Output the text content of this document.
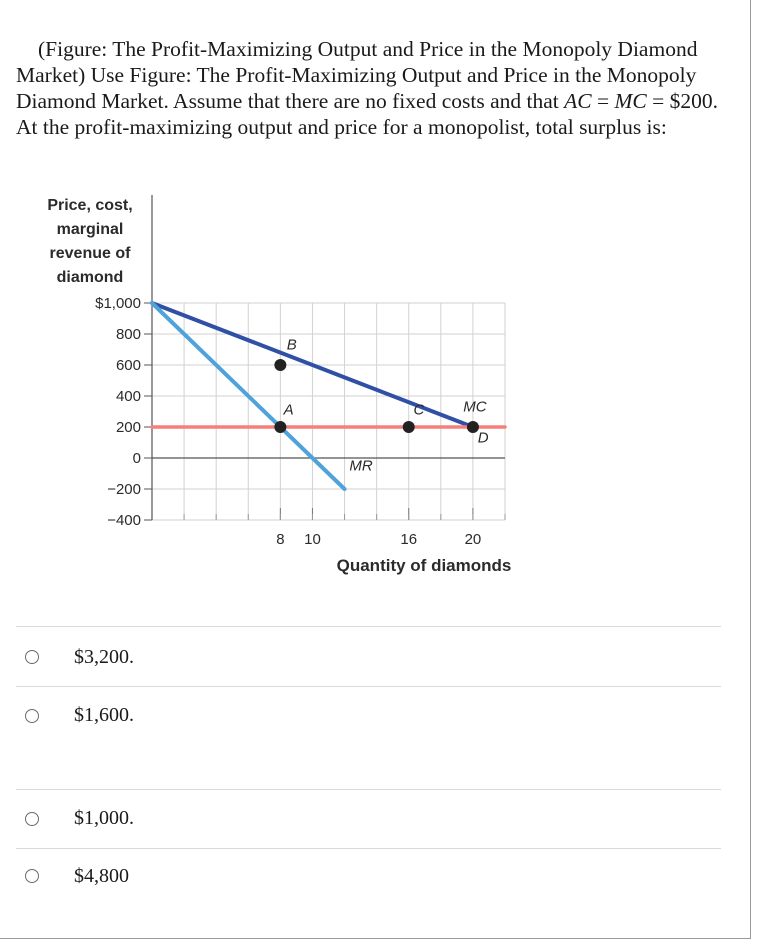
(Figure: The Profit-Maximizing Output and Price in the Monopoly Diamond Market) Use Figure: The Profit-Maximizing Output and Price in the Monopoly Diamond Market. Assume that there are no fixed costs and that AC = MC = $200. At the profit-maximizing output and price for a monopolist, total surplus is:

Price, cost,
marginal
revenue of
diamond
$1,000
800
600
400
200
0
−200
−400
8 10	16	20
Quantity of diamonds
MR
MC
B
A	C
D
$3,200.
$1,600.
$1,000.
$4,800
